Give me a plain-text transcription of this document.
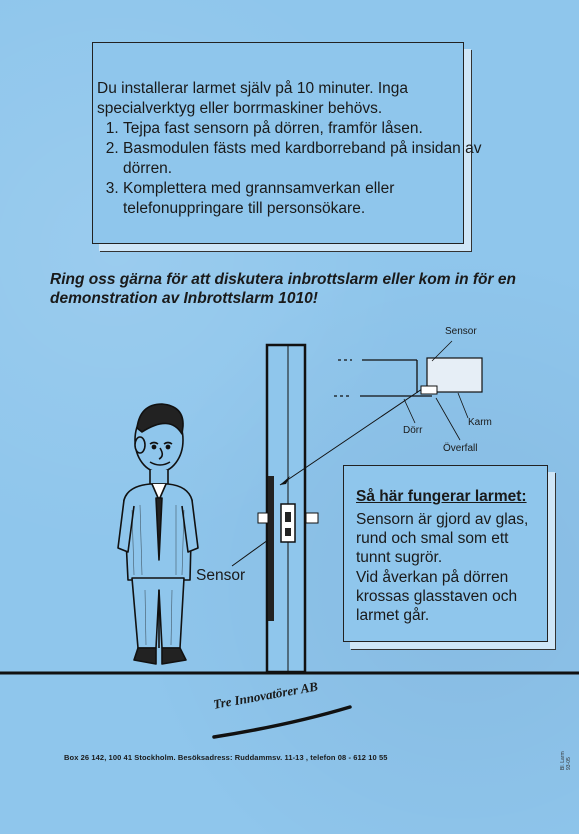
Du installerar larmet själv på 10 minuter. Inga specialverktyg eller borrmaskiner behövs.

1. Tejpa fast sensorn på dörren, framför låsen.
2. Basmodulen fästs med kardborreband på insidan av dörren.
3. Komplettera med grannsamverkan eller telefonuppringare till personsökare.

Ring oss gärna för att diskutera inbrottslarm eller kom in för en demonstration av Inbrottslarm 1010!

Sensor

Karm

Dörr

Överfall

Sensor

Så här fungerar larmet:

Sensorn är gjord av glas, rund och smal som ett tunnt sugrör.

Vid åverkan på dörren krossas glasstaven och larmet går.

Tre Innovatörer AB

Box 26 142, 100 41 Stockholm. Besöksadress: Ruddammsv. 11-13 , telefon 08 - 612 10 55	Bl. Larm 93-05
